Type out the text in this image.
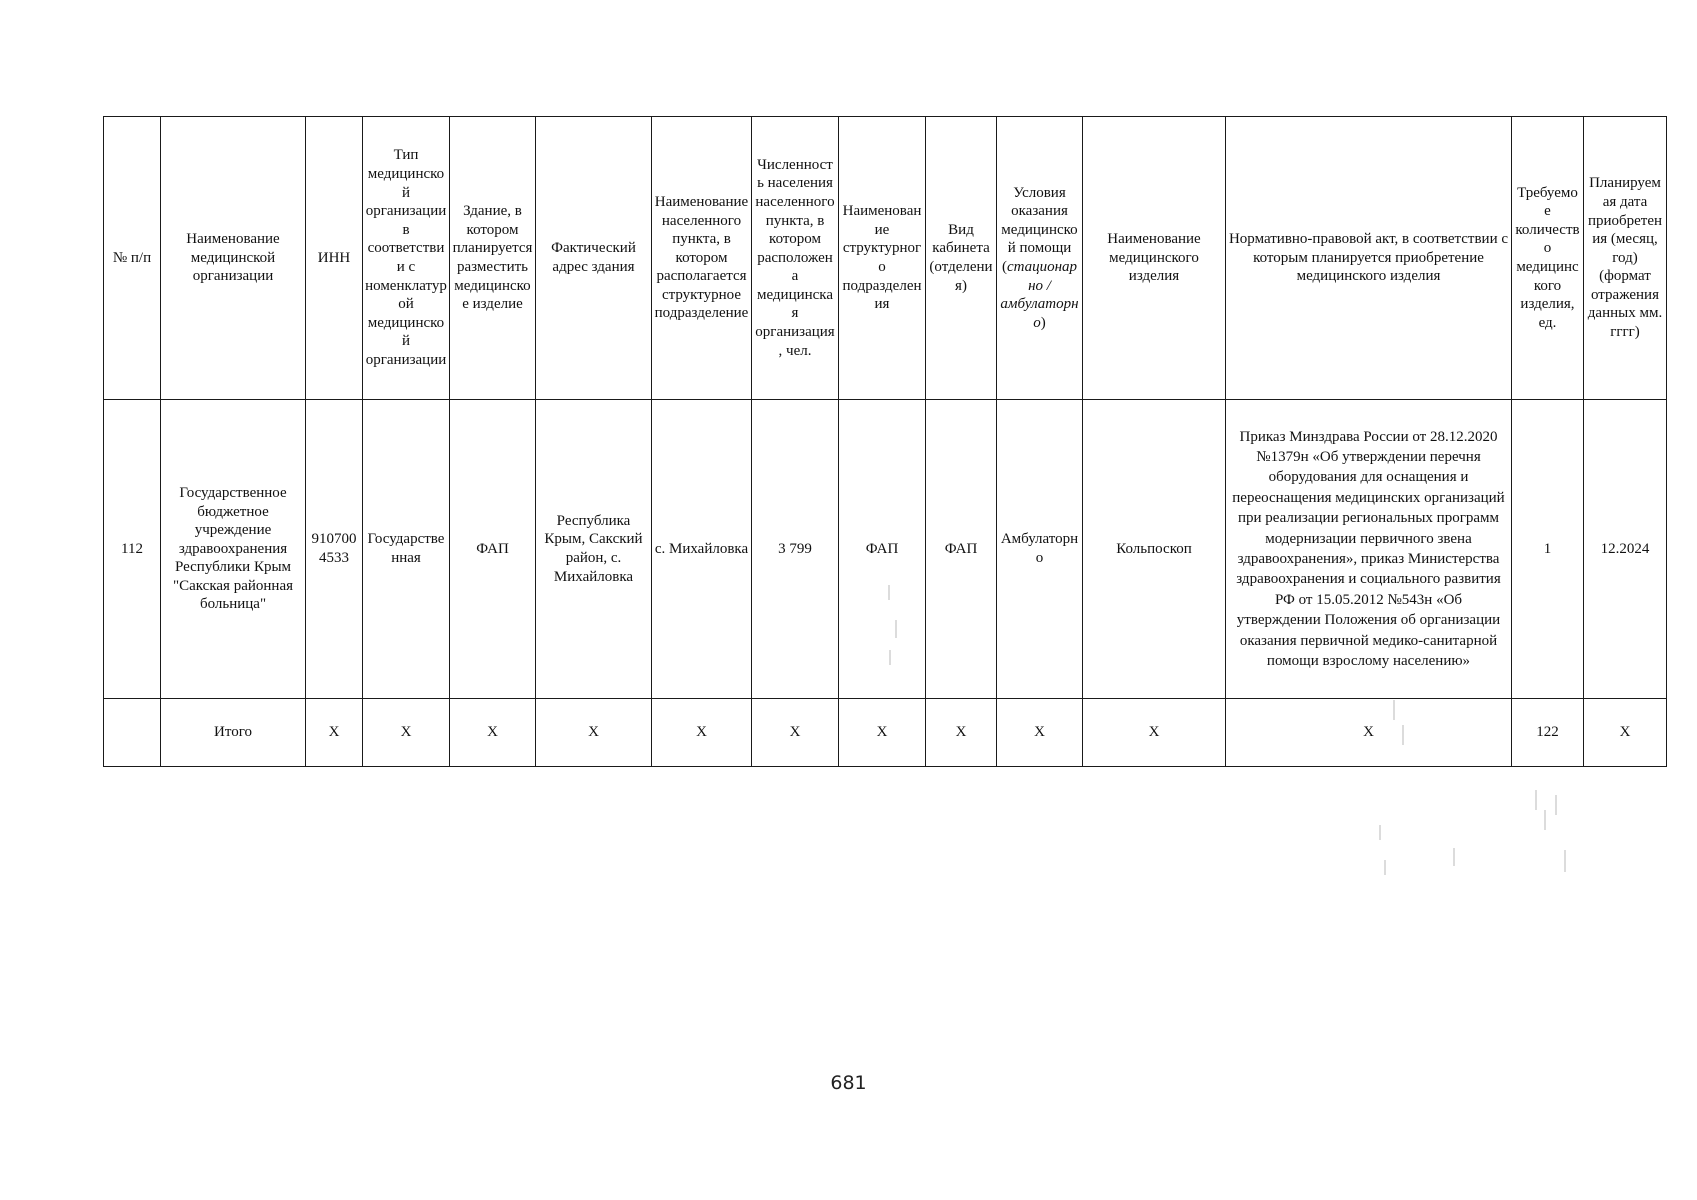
№ п/п	Наименование медицинской организации	ИНН	Тип медицинской организации в соответствии с номенклатурой медицинской организации	Здание, в котором планируется разместить медицинское изделие	Фактический адрес здания	Наименование населенного пункта, в котором располагается структурное подразделение	Численность населения населенного пункта, в котором расположена медицинская организация, чел.	Наименование структурного подразделения	Вид кабинета (отделения)	Условия оказания медицинской помощи (стационарно / амбулаторно)	Наименование медицинского изделия	Нормативно-правовой акт, в соответствии с которым планируется приобретение медицинского изделия	Требуемое количество медицинского изделия, ед.	Планируемая дата приобретения (месяц, год) (формат отражения данных мм. гггг)
112	Государственное бюджетное учреждение здравоохранения Республики Крым "Сакская районная больница"	9107004533	Государственная	ФАП	Республика Крым, Сакский район, с. Михайловка	с. Михайловка	3 799	ФАП	ФАП	Амбулаторно	Кольпоскоп	Приказ Минздрава России от 28.12.2020 №1379н «Об утверждении перечня оборудования для оснащения и переоснащения медицинских организаций при реализации региональных программ модернизации первичного звена здравоохранения», приказ Министерства здравоохранения и социального развития РФ от 15.05.2012 №543н «Об утверждении Положения об организации оказания первичной медико-санитарной помощи взрослому населению»	1	12.2024
	Итого	X	X	X	X	X	X	X	X	X	X	X	122	X
681
